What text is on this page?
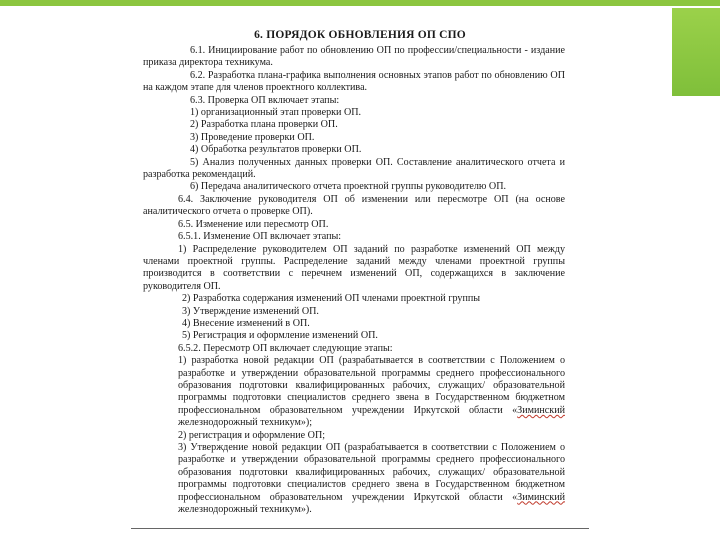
6. ПОРЯДОК ОБНОВЛЕНИЯ ОП СПО

6.1. Инициирование работ по обновлению ОП по профессии/специальности - издание приказа директора техникума.

6.2. Разработка плана-графика выполнения основных этапов работ по обновлению ОП на каждом этапе для членов проектного коллектива.

6.3. Проверка ОП включает этапы:

1) организационный этап проверки ОП.

2) Разработка плана проверки ОП.

3) Проведение проверки ОП.

4) Обработка результатов проверки ОП.

5) Анализ полученных данных проверки ОП. Составление аналитического отчета и разработка рекомендаций.

6) Передача аналитического отчета проектной группы руководителю ОП.

6.4. Заключение руководителя ОП об изменении или пересмотре ОП (на основе аналитического отчета о проверке ОП).

6.5. Изменение или пересмотр ОП.

6.5.1. Изменение ОП включает этапы:

1) Распределение руководителем ОП заданий по разработке изменений ОП между членами проектной группы. Распределение заданий между членами проектной группы производится в соответствии с перечнем изменений ОП, содержащихся в заключение руководителя ОП.

2) Разработка содержания изменений ОП членами проектной группы

3) Утверждение изменений ОП.

4) Внесение изменений в ОП.

5) Регистрация и оформление изменений ОП.

6.5.2. Пересмотр ОП включает следующие этапы:

1) разработка новой редакции ОП (разрабатывается в соответствии с Положением о разработке и утверждении образовательной программы среднего профессионального образования подготовки квалифицированных рабочих, служащих/ образовательной программы подготовки специалистов среднего звена в Государственном бюджетном профессиональном образовательном учреждении Иркутской области «Зиминский железнодорожный техникум»);

2) регистрация и оформление ОП;

3) Утверждение новой редакции ОП (разрабатывается в соответствии с Положением о разработке и утверждении образовательной программы среднего профессионального образования подготовки квалифицированных рабочих, служащих/ образовательной программы подготовки специалистов среднего звена в Государственном бюджетном профессиональном образовательном учреждении Иркутской области «Зиминский железнодорожный техникум»).
